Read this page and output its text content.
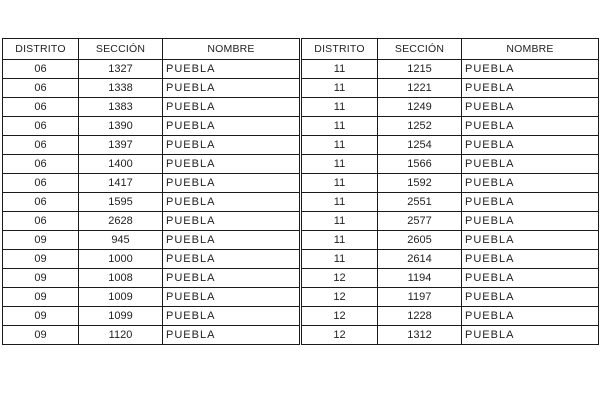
DISTRITO	SECCIÓN	NOMBRE
06	1327	PUEBLA
06	1338	PUEBLA
06	1383	PUEBLA
06	1390	PUEBLA
06	1397	PUEBLA
06	1400	PUEBLA
06	1417	PUEBLA
06	1595	PUEBLA
06	2628	PUEBLA
09	945	PUEBLA
09	1000	PUEBLA
09	1008	PUEBLA
09	1009	PUEBLA
09	1099	PUEBLA
09	1120	PUEBLA
DISTRITO	SECCIÓN	NOMBRE
11	1215	PUEBLA
11	1221	PUEBLA
11	1249	PUEBLA
11	1252	PUEBLA
11	1254	PUEBLA
11	1566	PUEBLA
11	1592	PUEBLA
11	2551	PUEBLA
11	2577	PUEBLA
11	2605	PUEBLA
11	2614	PUEBLA
12	1194	PUEBLA
12	1197	PUEBLA
12	1228	PUEBLA
12	1312	PUEBLA
